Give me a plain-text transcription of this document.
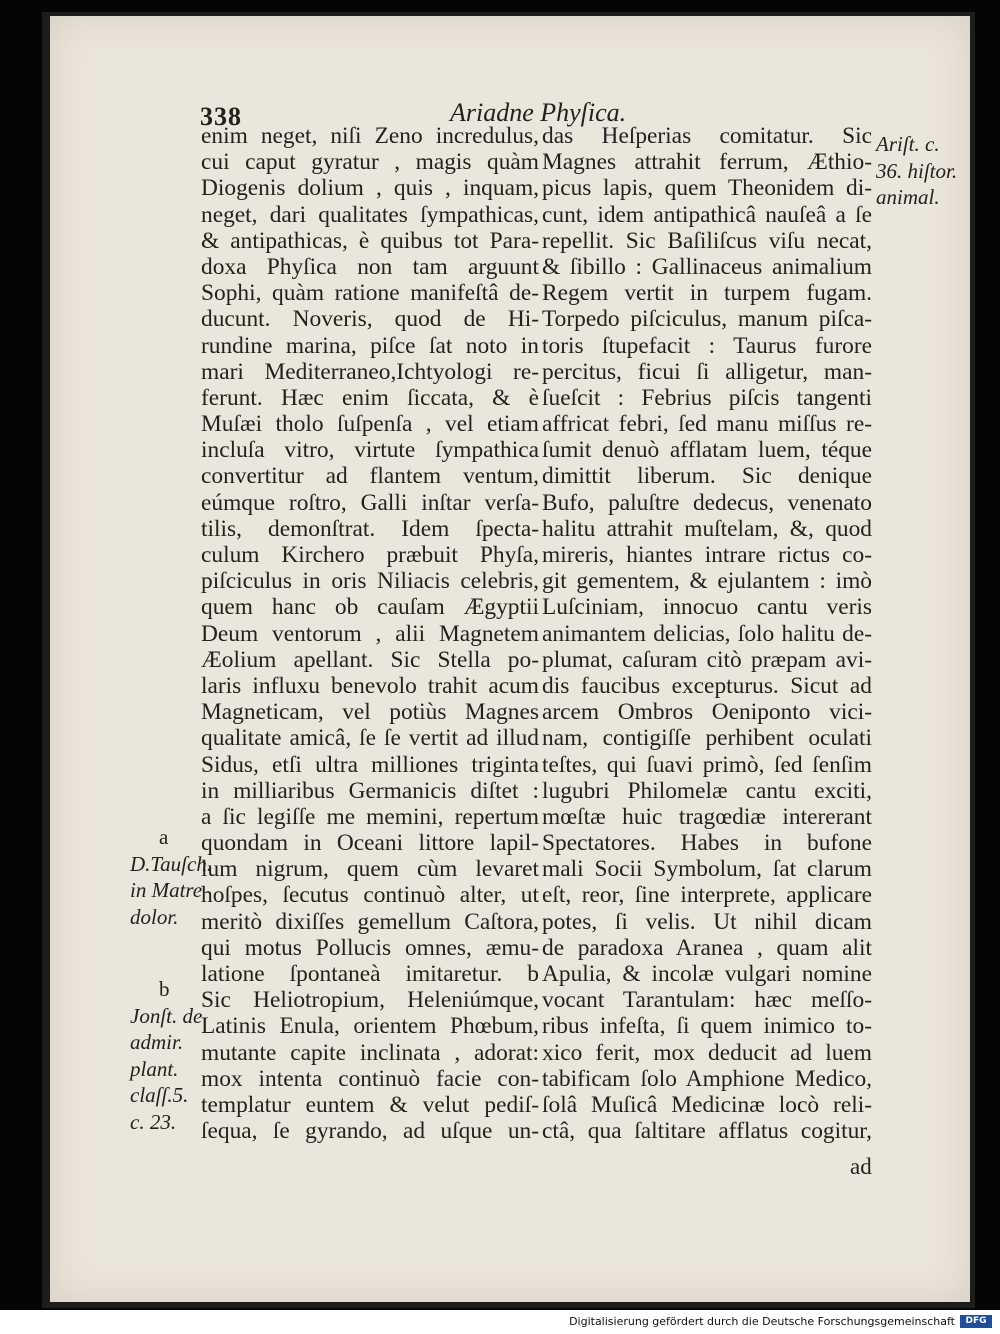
338	Ariadne Phyſica.
enim neget, niſi Zeno incredulus,
cui caput gyratur , magis quàm
Diogenis dolium , quis , inquam,
neget, dari qualitates ſympathicas,
& antipathicas, è quibus tot Para-
doxa Phyſica non tam arguunt
Sophi, quàm ratione manifeſtâ de-
ducunt. Noveris, quod de Hi-
rundine marina, piſce ſat noto in
mari Mediterraneo,Ichtyologi re-
ferunt. Hæc enim ſiccata, & è
Muſæi tholo ſuſpenſa , vel etiam
incluſa vitro, virtute ſympathica
convertitur ad flantem ventum,
eúmque roſtro, Galli inſtar verſa-
tilis, demonſtrat. Idem ſpecta-
culum Kirchero præbuit Phyſa,
piſciculus in oris Niliacis celebris,
quem hanc ob cauſam Ægyptii
Deum ventorum , alii Magnetem
Æolium apellant. Sic Stella po-
laris influxu benevolo trahit acum
Magneticam, vel potiùs Magnes
qualitate amicâ, ſe ſe vertit ad illud
Sidus, etſi ultra milliones triginta
in milliaribus Germanicis diſtet :
a ſic legiſſe me memini, repertum
quondam in Oceani littore lapil-
lum nigrum, quem cùm levaret
hoſpes, ſecutus continuò alter, ut
meritò dixiſſes gemellum Caſtora,
qui motus Pollucis omnes, æmu-
latione ſpontaneà imitaretur. b
Sic Heliotropium, Heleniúmque,
Latinis Enula, orientem Phœbum,
mutante capite inclinata , adorat:
mox intenta continuò facie con-
templatur euntem & velut pediſ-
ſequa, ſe gyrando, ad uſque un-
das Heſperias comitatur. Sic
Magnes attrahit ferrum, Æthio-
picus lapis, quem Theonidem di-
cunt, idem antipathicâ nauſeâ a ſe
repellit. Sic Baſiliſcus viſu necat,
& ſibillo : Gallinaceus animalium
Regem vertit in turpem fugam.
Torpedo piſciculus, manum piſca-
toris ſtupefacit : Taurus furore
percitus, ficui ſi alligetur, man-
ſueſcit : Febrius piſcis tangenti
affricat febri, ſed manu miſſus re-
ſumit denuò afflatam luem, téque
dimittit liberum. Sic denique
Bufo, paluſtre dedecus, venenato
halitu attrahit muſtelam, &, quod
mireris, hiantes intrare rictus co-
git gementem, & ejulantem : imò
Luſciniam, innocuo cantu veris
animantem delicias, ſolo halitu de-
plumat, caſuram citò præpam avi-
dis faucibus excepturus. Sicut ad
arcem Ombros Oenipontо vici-
nam, contigiſſe perhibent oculati
teſtes, qui ſuavi primò, ſed ſenſim
lugubri Philomelæ cantu exciti,
mœſtæ huic tragœdiæ intererant
Spectatores. Habes in bufone
mali Socii Symbolum, ſat clarum
eſt, reor, ſine interprete, applicare
potes, ſi velis. Ut nihil dicam
de paradoxa Aranea , quam alit
Apulia, & incolæ vulgari nomine
vocant Tarantulam: hæc meſſo-
ribus infeſta, ſi quem inimico to-
xico ferit, mox deducit ad luem
tabificam ſolo Amphione Medico,
ſolâ Muſicâ Medicinæ locò reli-
ctâ, qua ſaltitare afflatus cogitur,
Ariſt. c.
36. hiſtor.
animal.
a
D.Tauſch.
in Matre
dolor.
b
Jonſt. de
admir.
plant.
claſſ.5.
c. 23.
ad
Digitalisierung gefördert durch die Deutsche Forschungsgemeinschaft	DFG
